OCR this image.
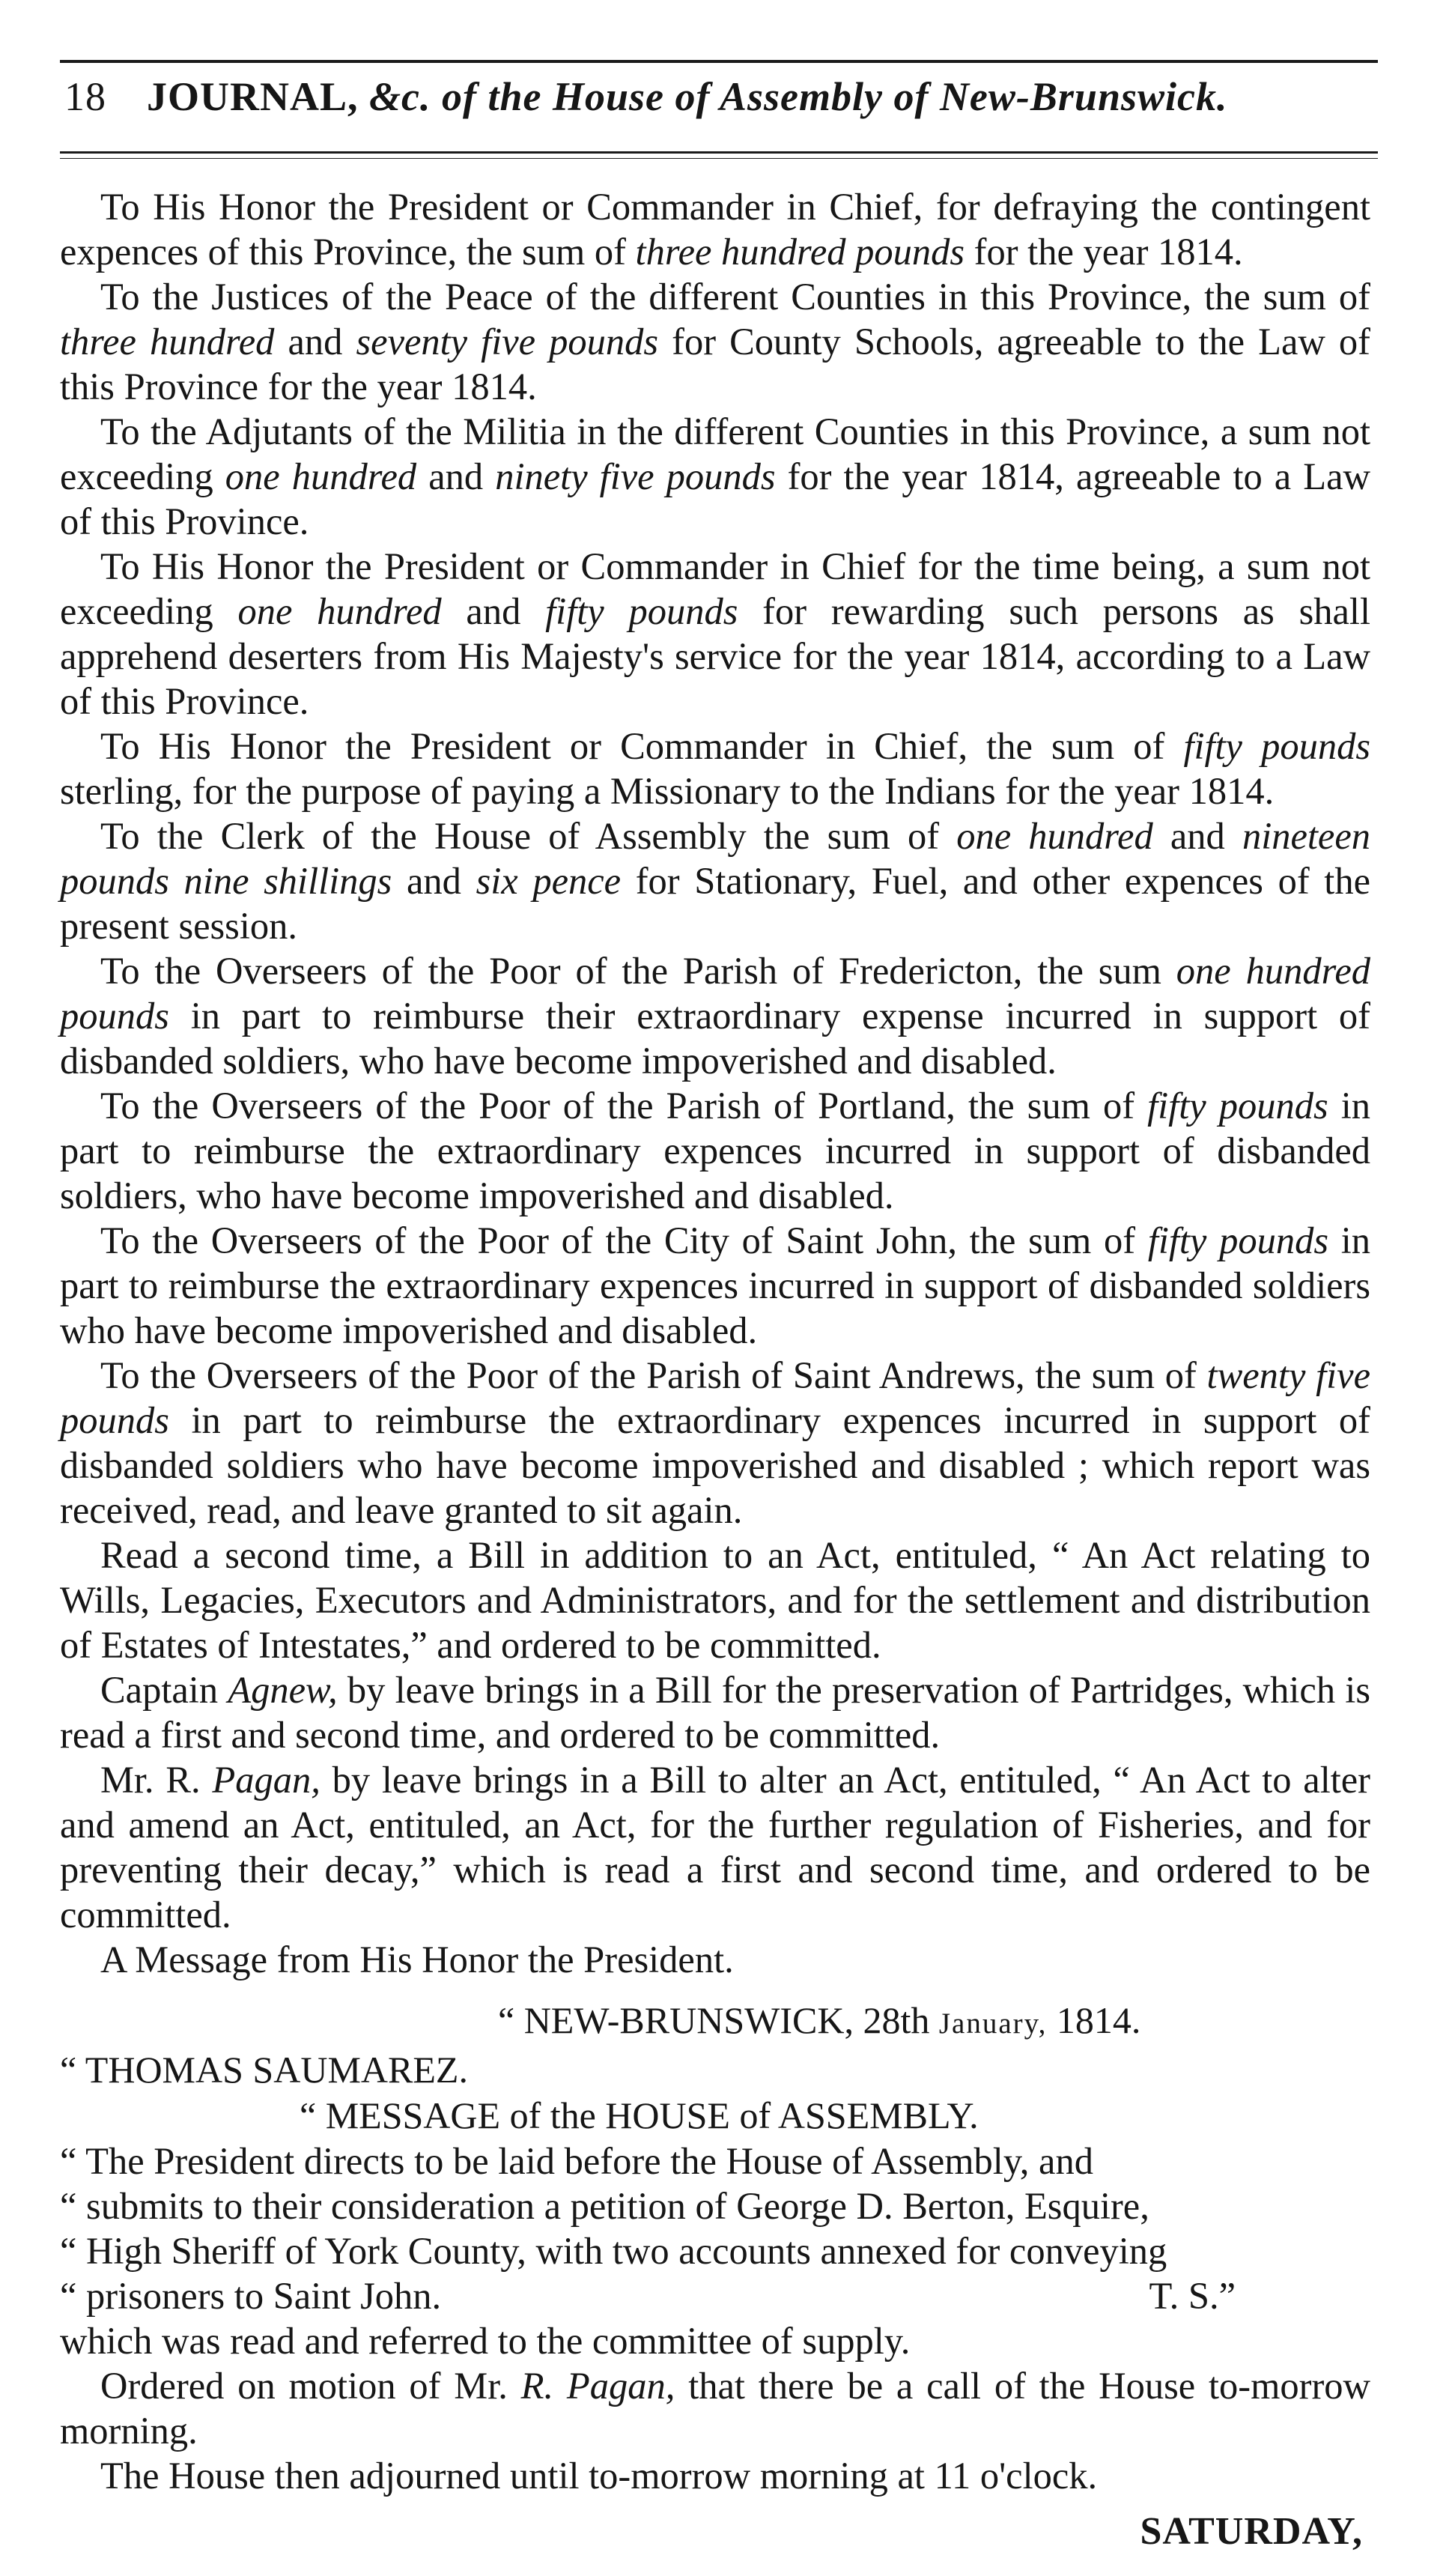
18	JOURNAL, &c. of the House of Assembly of New-Brunswick.

To His Honor the President or Commander in Chief, for defraying the contingent expences of this Province, the sum of three hundred pounds for the year 1814.

To the Justices of the Peace of the different Counties in this Province, the sum of three hundred and seventy five pounds for County Schools, agreeable to the Law of this Province for the year 1814.

To the Adjutants of the Militia in the different Counties in this Province, a sum not exceeding one hundred and ninety five pounds for the year 1814, agreeable to a Law of this Province.

To His Honor the President or Commander in Chief for the time being, a sum not exceeding one hundred and fifty pounds for rewarding such persons as shall apprehend deserters from His Majesty's service for the year 1814, according to a Law of this Province.

To His Honor the President or Commander in Chief, the sum of fifty pounds sterling, for the purpose of paying a Missionary to the Indians for the year 1814.

To the Clerk of the House of Assembly the sum of one hundred and nineteen pounds nine shillings and six pence for Stationary, Fuel, and other expences of the present session.

To the Overseers of the Poor of the Parish of Fredericton, the sum one hundred pounds in part to reimburse their extraordinary expense incurred in support of disbanded soldiers, who have become impoverished and disabled.

To the Overseers of the Poor of the Parish of Portland, the sum of fifty pounds in part to reimburse the extraordinary expences incurred in support of disbanded soldiers, who have become impoverished and disabled.

To the Overseers of the Poor of the City of Saint John, the sum of fifty pounds in part to reimburse the extraordinary expences incurred in support of disbanded soldiers who have become impoverished and disabled.

To the Overseers of the Poor of the Parish of Saint Andrews, the sum of twenty five pounds in part to reimburse the extraordinary expences incurred in support of disbanded soldiers who have become impoverished and disabled ; which report was received, read, and leave granted to sit again.

Read a second time, a Bill in addition to an Act, entituled, “ An Act relating to Wills, Legacies, Executors and Administrators, and for the settlement and distribution of Estates of Intestates,” and ordered to be committed.

Captain Agnew, by leave brings in a Bill for the preservation of Partridges, which is read a first and second time, and ordered to be committed.

Mr. R. Pagan, by leave brings in a Bill to alter an Act, entituled, “ An Act to alter and amend an Act, entituled, an Act, for the further regulation of Fisheries, and for preventing their decay,” which is read a first and second time, and ordered to be committed.

A Message from His Honor the President.

“ NEW-BRUNSWICK, 28th January, 1814.
“ THOMAS SAUMAREZ.
“ MESSAGE of the HOUSE of ASSEMBLY.

“ The President directs to be laid before the House of Assembly, and

“ submits to their consideration a petition of George D. Berton, Esquire,

“ High Sheriff of York County, with two accounts annexed for conveying

“ prisoners to Saint John.	T. S.”

which was read and referred to the committee of supply.

Ordered on motion of Mr. R. Pagan, that there be a call of the House to-morrow morning.

The House then adjourned until to-morrow morning at 11 o'clock.

SATURDAY,
